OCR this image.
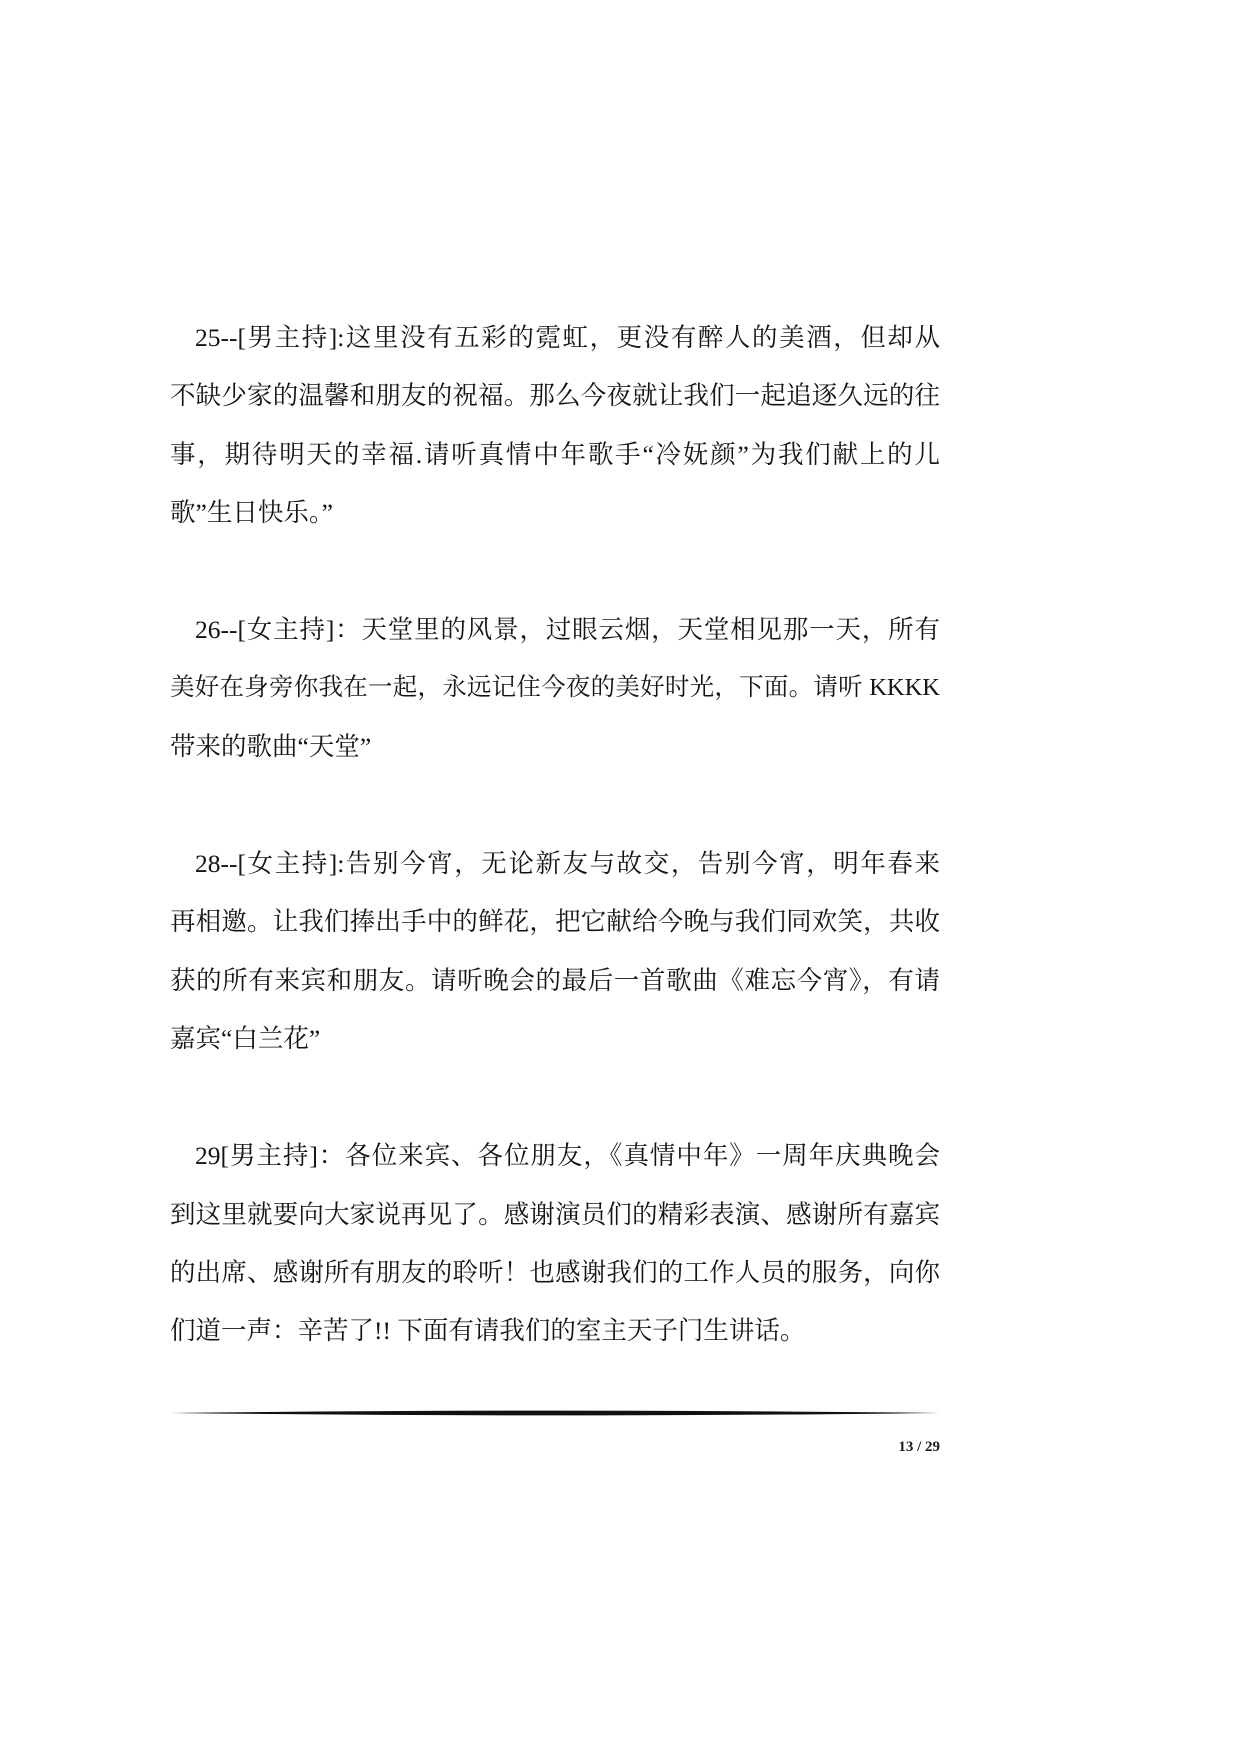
25--[男主持]:这里没有五彩的霓虹，更没有醉人的美酒，但却从
不缺少家的温馨和朋友的祝福。那么今夜就让我们一起追逐久远的往
事，期待明天的幸福.请听真情中年歌手“冷妩颜”为我们献上的儿
歌”生日快乐。”
26--[女主持]：天堂里的风景，过眼云烟，天堂相见那一天，所有
美好在身旁你我在一起，永远记住今夜的美好时光，下面。请听 KKKK
带来的歌曲“天堂”
28--[女主持]:告别今宵，无论新友与故交，告别今宵，明年春来
再相邀。让我们捧出手中的鲜花，把它献给今晚与我们同欢笑，共收
获的所有来宾和朋友。请听晚会的最后一首歌曲《难忘今宵》，有请
嘉宾“白兰花”
29[男主持]：各位来宾、各位朋友，《真情中年》一周年庆典晚会
到这里就要向大家说再见了。感谢演员们的精彩表演、感谢所有嘉宾
的出席、感谢所有朋友的聆听！也感谢我们的工作人员的服务，向你
们道一声：辛苦了!! 下面有请我们的室主天子门生讲话。
13 / 29
